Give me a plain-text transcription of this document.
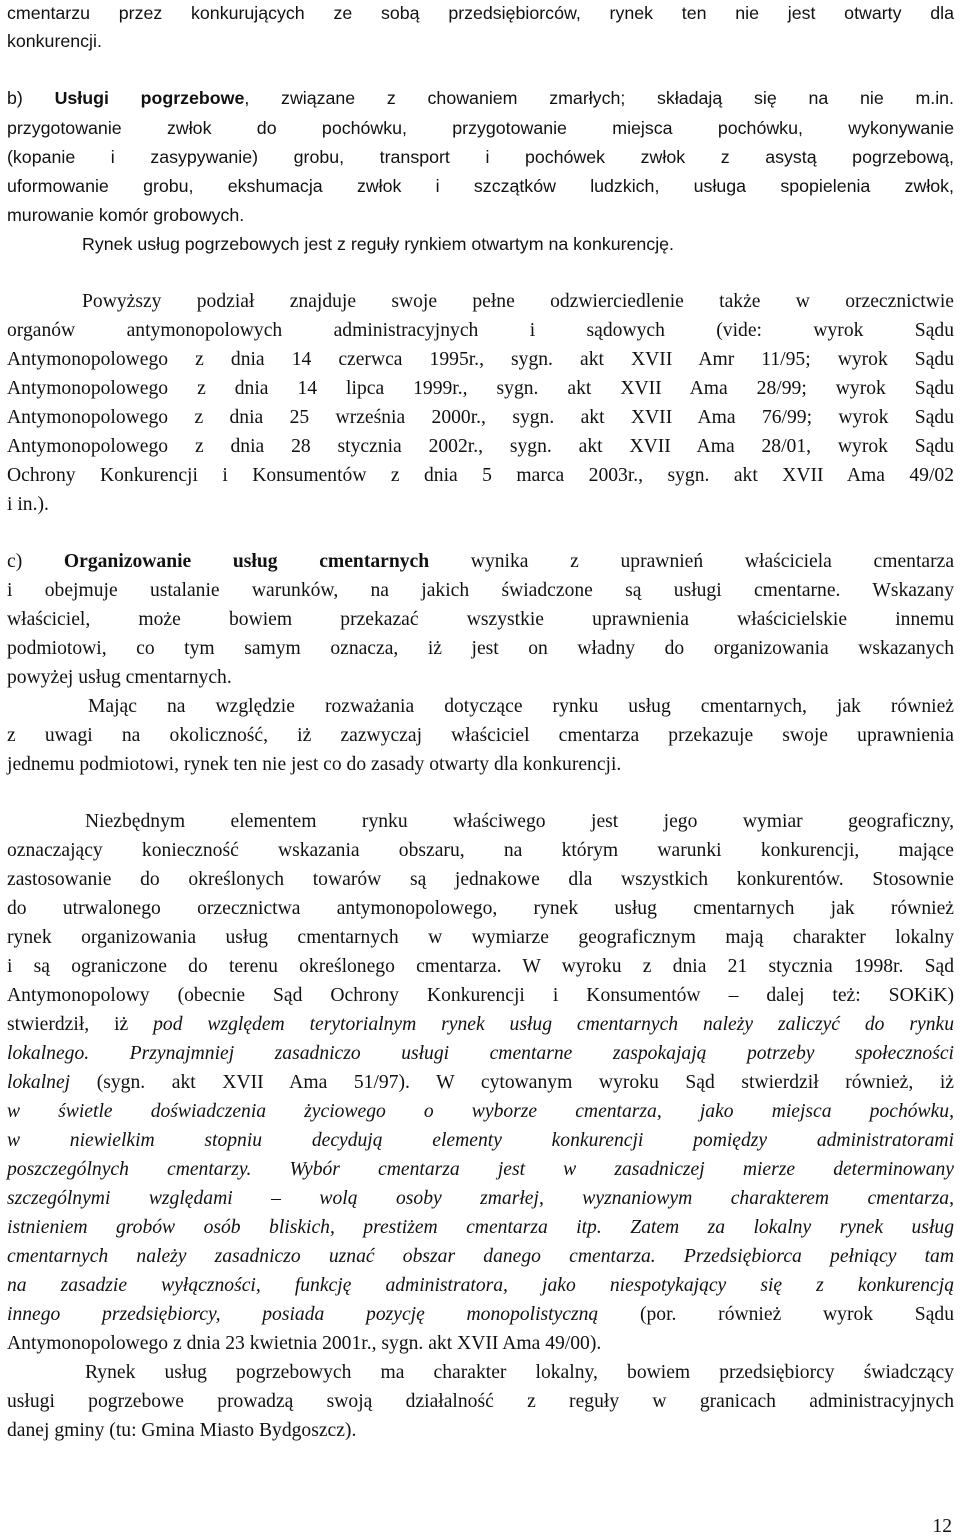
cmentarzu przez konkurujących ze sobą przedsiębiorców, rynek ten nie jest otwarty dla
konkurencji.
b) Usługi pogrzebowe, związane z chowaniem zmarłych; składają się na nie m.in.
przygotowanie zwłok do pochówku, przygotowanie miejsca pochówku, wykonywanie
(kopanie i zasypywanie) grobu, transport i pochówek zwłok z asystą pogrzebową,
uformowanie grobu, ekshumacja zwłok i szczątków ludzkich, usługa spopielenia zwłok,
murowanie komór grobowych.
Rynek usług pogrzebowych jest z reguły rynkiem otwartym na konkurencję.
Powyższy podział znajduje swoje pełne odzwierciedlenie także w orzecznictwie
organów antymonopolowych administracyjnych i sądowych (vide: wyrok Sądu
Antymonopolowego z dnia 14 czerwca 1995r., sygn. akt XVII Amr 11/95; wyrok Sądu
Antymonopolowego z dnia 14 lipca 1999r., sygn. akt XVII Ama 28/99; wyrok Sądu
Antymonopolowego z dnia 25 września 2000r., sygn. akt XVII Ama 76/99; wyrok Sądu
Antymonopolowego z dnia 28 stycznia 2002r., sygn. akt XVII Ama 28/01, wyrok Sądu
Ochrony Konkurencji i Konsumentów z dnia 5 marca 2003r., sygn. akt XVII Ama 49/02
i in.).
c) Organizowanie usług cmentarnych wynika z uprawnień właściciela cmentarza
i obejmuje ustalanie warunków, na jakich świadczone są usługi cmentarne. Wskazany
właściciel, może bowiem przekazać wszystkie uprawnienia właścicielskie innemu
podmiotowi, co tym samym oznacza, iż jest on władny do organizowania wskazanych
powyżej usług cmentarnych.
Mając na względzie rozważania dotyczące rynku usług cmentarnych, jak również
z uwagi na okoliczność, iż zazwyczaj właściciel cmentarza przekazuje swoje uprawnienia
jednemu podmiotowi, rynek ten nie jest co do zasady otwarty dla konkurencji.
Niezbędnym elementem rynku właściwego jest jego wymiar geograficzny,
oznaczający konieczność wskazania obszaru, na którym warunki konkurencji, mające
zastosowanie do określonych towarów są jednakowe dla wszystkich konkurentów. Stosownie
do utrwalonego orzecznictwa antymonopolowego, rynek usług cmentarnych jak również
rynek organizowania usług cmentarnych w wymiarze geograficznym mają charakter lokalny
i są ograniczone do terenu określonego cmentarza. W wyroku z dnia 21 stycznia 1998r. Sąd
Antymonopolowy (obecnie Sąd Ochrony Konkurencji i Konsumentów – dalej też: SOKiK)
stwierdził, iż pod względem terytorialnym rynek usług cmentarnych należy zaliczyć do rynku
lokalnego. Przynajmniej zasadniczo usługi cmentarne zaspokajają potrzeby społeczności
lokalnej (sygn. akt XVII Ama 51/97). W cytowanym wyroku Sąd stwierdził również, iż
w świetle doświadczenia życiowego o wyborze cmentarza, jako miejsca pochówku,
w niewielkim stopniu decydują elementy konkurencji pomiędzy administratorami
poszczególnych cmentarzy. Wybór cmentarza jest w zasadniczej mierze determinowany
szczególnymi względami – wolą osoby zmarłej, wyznaniowym charakterem cmentarza,
istnieniem grobów osób bliskich, prestiżem cmentarza itp. Zatem za lokalny rynek usług
cmentarnych należy zasadniczo uznać obszar danego cmentarza. Przedsiębiorca pełniący tam
na zasadzie wyłączności, funkcję administratora, jako niespotykający się z konkurencją
innego przedsiębiorcy, posiada pozycję monopolistyczną (por. również wyrok Sądu
Antymonopolowego z dnia 23 kwietnia 2001r., sygn. akt XVII Ama 49/00).
Rynek usług pogrzebowych ma charakter lokalny, bowiem przedsiębiorcy świadczący
usługi pogrzebowe prowadzą swoją działalność z reguły w granicach administracyjnych
danej gminy (tu: Gmina Miasto Bydgoszcz).
12
